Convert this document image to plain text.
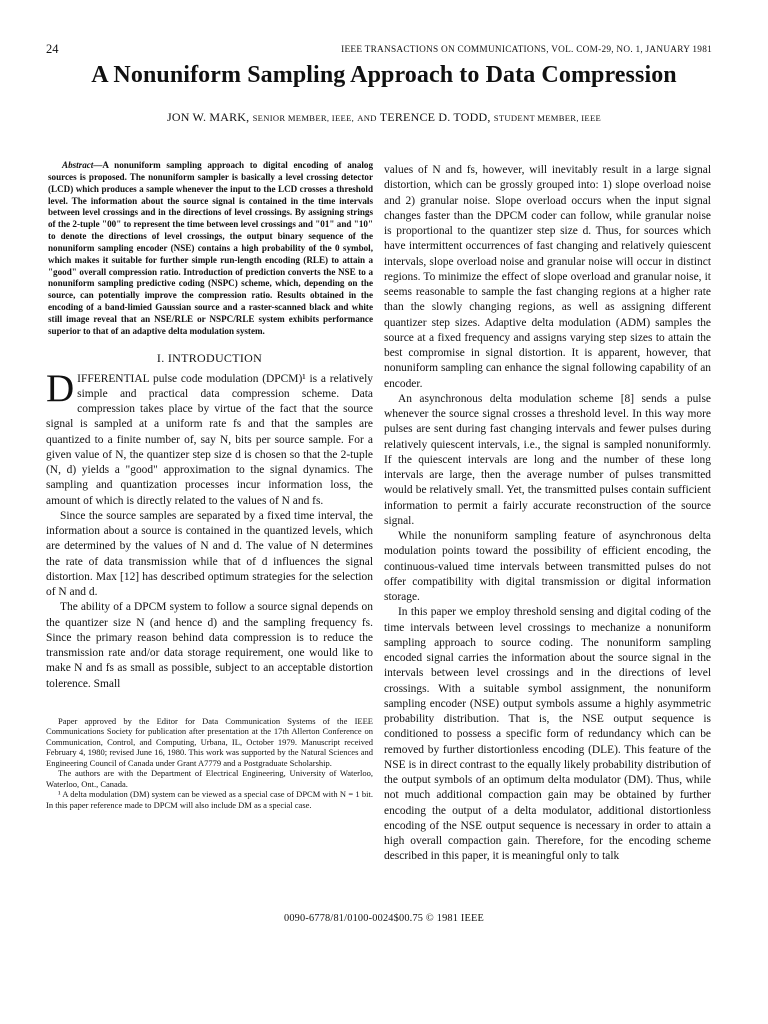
24	IEEE TRANSACTIONS ON COMMUNICATIONS, VOL. COM-29, NO. 1, JANUARY 1981
A Nonuniform Sampling Approach to Data Compression
JON W. MARK, SENIOR MEMBER, IEEE, AND TERENCE D. TODD, STUDENT MEMBER, IEEE

Abstract—A nonuniform sampling approach to digital encoding of analog sources is proposed. The nonuniform sampler is basically a level crossing detector (LCD) which produces a sample whenever the input to the LCD crosses a threshold level. The information about the source signal is contained in the time intervals between level crossings and in the directions of level crossings. By assigning strings of the 2-tuple "00" to represent the time between level crossings and "01" and "10" to denote the directions of level crossings, the output binary sequence of the nonuniform sampling encoder (NSE) contains a high probability of the 0 symbol, which makes it suitable for further simple run-length encoding (RLE) to attain a "good" overall compression ratio. Introduction of prediction converts the NSE to a nonuniform sampling predictive coding (NSPC) scheme, which, depending on the source, can potentially improve the compression ratio. Results obtained in the encoding of a band-limied Gaussian source and a raster-scanned black and white still image reveal that an NSE/RLE or NSPC/RLE system exhibits performance superior to that of an adaptive delta modulation system.

I. INTRODUCTION

DIFFERENTIAL pulse code modulation (DPCM)¹ is a relatively simple and practical data compression scheme. Data compression takes place by virtue of the fact that the source signal is sampled at a uniform rate fs and that the samples are quantized to a finite number of, say N, bits per source sample. For a given value of N, the quantizer step size d is chosen so that the 2-tuple (N, d) yields a "good" approximation to the signal dynamics. The sampling and quantization processes incur information loss, the amount of which is directly related to the values of N and fs.

Since the source samples are separated by a fixed time interval, the information about a source is contained in the quantized levels, which are determined by the values of N and d. The value of N determines the rate of data transmission while that of d influences the signal distortion. Max [12] has described optimum strategies for the selection of N and d.

The ability of a DPCM system to follow a source signal depends on the quantizer size N (and hence d) and the sampling frequency fs. Since the primary reason behind data compression is to reduce the transmission rate and/or data storage requirement, one would like to make N and fs as small as possible, subject to an acceptable distortion tolerence. Small

Paper approved by the Editor for Data Communication Systems of the IEEE Communications Society for publication after presentation at the 17th Allerton Conference on Communication, Control, and Computing, Urbana, IL, October 1979. Manuscript received February 4, 1980; revised June 16, 1980. This work was supported by the Natural Sciences and Engineering Council of Canada under Grant A7779 and a Postgraduate Scholarship.

The authors are with the Department of Electrical Engineering, University of Waterloo, Waterloo, Ont., Canada.

¹ A delta modulation (DM) system can be viewed as a special case of DPCM with N = 1 bit. In this paper reference made to DPCM will also include DM as a special case.

values of N and fs, however, will inevitably result in a large signal distortion, which can be grossly grouped into: 1) slope overload noise and 2) granular noise. Slope overload occurs when the input signal changes faster than the DPCM coder can follow, while granular noise is proportional to the quantizer step size d. Thus, for sources which have intermittent occurrences of fast changing and relatively quiescent intervals, slope overload noise and granular noise will occur in distinct regions. To minimize the effect of slope overload and granular noise, it seems reasonable to sample the fast changing regions at a higher rate than the slowly changing regions, as well as assigning different quantizer step sizes. Adaptive delta modulation (ADM) samples the source at a fixed frequency and assigns varying step sizes to attain the best compromise in signal distortion. It is apparent, however, that nonuniform sampling can enhance the signal following capability of an encoder.

An asynchronous delta modulation scheme [8] sends a pulse whenever the source signal crosses a threshold level. In this way more pulses are sent during fast changing intervals and fewer pulses during relatively quiescent intervals, i.e., the signal is sampled nonuniformly. If the quiescent intervals are long and the number of these long intervals are large, then the average number of pulses transmitted would be relatively small. Yet, the transmitted pulses contain sufficient information to permit a fairly accurate reconstruction of the source signal.

While the nonuniform sampling feature of asynchronous delta modulation points toward the possibility of efficient encoding, the continuous-valued time intervals between transmitted pulses do not offer compatibility with digital transmission or digital information storage.

In this paper we employ threshold sensing and digital coding of the time intervals between level crossings to mechanize a nonuniform sampling approach to source coding. The nonuniform sampling encoded signal carries the information about the source signal in the intervals between level crossings and in the directions of level crossings. With a suitable symbol assignment, the nonuniform sampling encoder (NSE) output symbols assume a highly asymmetric probability distribution. That is, the NSE output sequence is conditioned to possess a specific form of redundancy which can be removed by further distortionless encoding (DLE). This feature of the NSE is in direct contrast to the equally likely probability distribution of the output symbols of an optimum delta modulator (DM). Thus, while not much additional compaction gain may be obtained by further encoding the output of a delta modulator, additional distortionless encoding of the NSE output sequence is necessary in order to attain a high overall compaction gain. Therefore, for the encoding scheme described in this paper, it is meaningful only to talk

0090-6778/81/0100-0024$00.75 © 1981 IEEE
